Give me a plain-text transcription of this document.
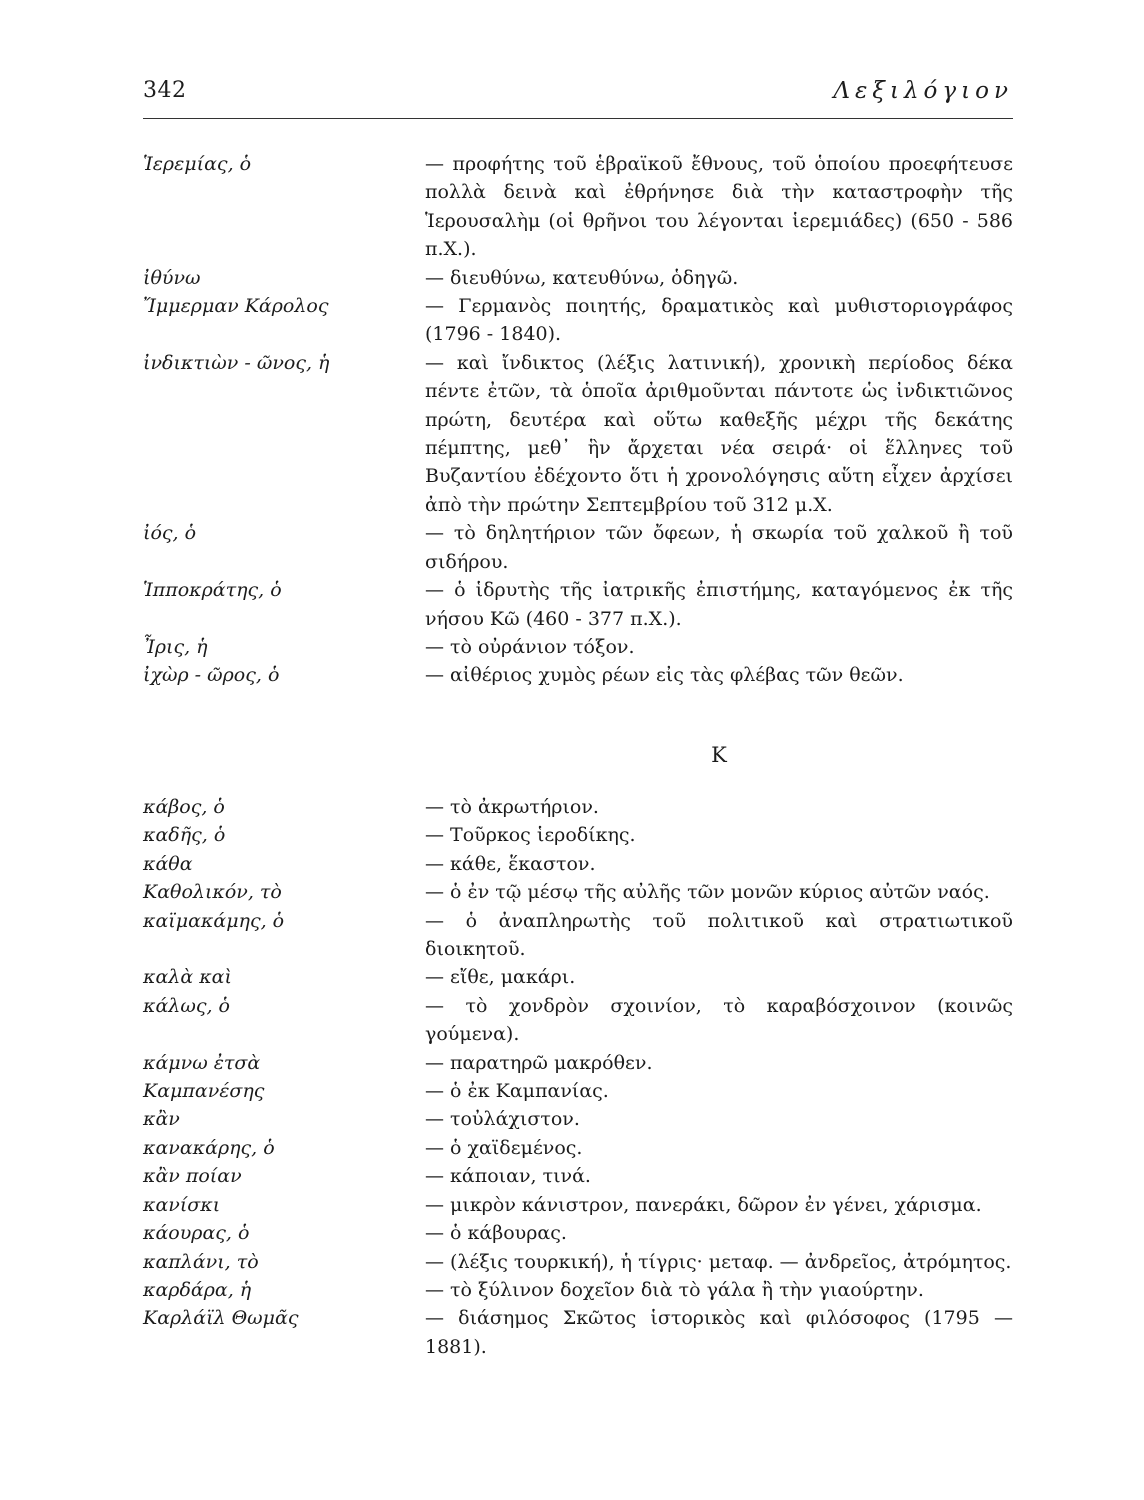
342	Λεξιλόγιον
Ἱερεμίας, ὁ	— προφήτης τοῦ ἑβραϊκοῦ ἔθνους, τοῦ ὁποίου προεφήτευσε πολλὰ δεινὰ καὶ ἐθρήνησε διὰ τὴν καταστροφὴν τῆς Ἱερουσαλὴμ (οἱ θρῆνοι του λέγονται ἱερεμιάδες) (650 - 586 π.Χ.).
ἰθύνω	— διευθύνω, κατευθύνω, ὁδηγῶ.
Ἴμμερμαν Κάρολος	— Γερμανὸς ποιητής, δραματικὸς καὶ μυθιστοριογράφος (1796 - 1840).
ἰνδικτιὼν - ῶνος, ἡ	— καὶ ἴνδικτος (λέξις λατινική), χρονικὴ περίοδος δέκα πέντε ἐτῶν, τὰ ὁποῖα ἀριθμοῦνται πάντοτε ὡς ἰνδικτιῶνος πρώτη, δευτέρα καὶ οὕτω καθεξῆς μέχρι τῆς δεκάτης πέμπτης, μεθ᾿ ἣν ἄρχεται νέα σειρά· οἱ ἕλληνες τοῦ Βυζαντίου ἐδέχοντο ὅτι ἡ χρονολόγησις αὕτη εἶχεν ἀρχίσει ἀπὸ τὴν πρώτην Σεπτεμβρίου τοῦ 312 μ.Χ.
ἰός, ὁ	— τὸ δηλητήριον τῶν ὄφεων, ἡ σκωρία τοῦ χαλκοῦ ἢ τοῦ σιδήρου.
Ἱπποκράτης, ὁ	— ὁ ἱδρυτὴς τῆς ἰατρικῆς ἐπιστήμης, καταγόμενος ἐκ τῆς νήσου Κῶ (460 - 377 π.Χ.).
Ἶρις, ἡ	— τὸ οὐράνιον τόξον.
ἰχὼρ - ῶρος, ὁ	— αἰθέριος χυμὸς ρέων εἰς τὰς φλέβας τῶν θεῶν.
Κ
κάβος, ὁ	— τὸ ἀκρωτήριον.
καδῆς, ὁ	— Τοῦρκος ἱεροδίκης.
κάθα	— κάθε, ἕκαστον.
Καθολικόν, τὸ	— ὁ ἐν τῷ μέσῳ τῆς αὐλῆς τῶν μονῶν κύριος αὐτῶν ναός.
καϊμακάμης, ὁ	— ὁ ἀναπληρωτὴς τοῦ πολιτικοῦ καὶ στρατιωτικοῦ διοικητοῦ.
καλὰ καὶ	— εἴθε, μακάρι.
κάλως, ὁ	— τὸ χονδρὸν σχοινίον, τὸ καραβόσχοινον (κοινῶς γούμενα).
κάμνω ἐτσὰ	— παρατηρῶ μακρόθεν.
Καμπανέσης	— ὁ ἐκ Καμπανίας.
κἂν	— τοὐλάχιστον.
κανακάρης, ὁ	— ὁ χαϊδεμένος.
κἂν ποίαν	— κάποιαν, τινά.
κανίσκι	— μικρὸν κάνιστρον, πανεράκι, δῶρον ἐν γένει, χάρισμα.
κάουρας, ὁ	— ὁ κάβουρας.
καπλάνι, τὸ	— (λέξις τουρκική), ἡ τίγρις· μεταφ. — ἀνδρεῖος, ἀτρόμητος.
καρδάρα, ἡ	— τὸ ξύλινον δοχεῖον διὰ τὸ γάλα ἢ τὴν γιαούρτην.
Καρλάϊλ Θωμᾶς	— διάσημος Σκῶτος ἱστορικὸς καὶ φιλόσοφος (1795 — 1881).
